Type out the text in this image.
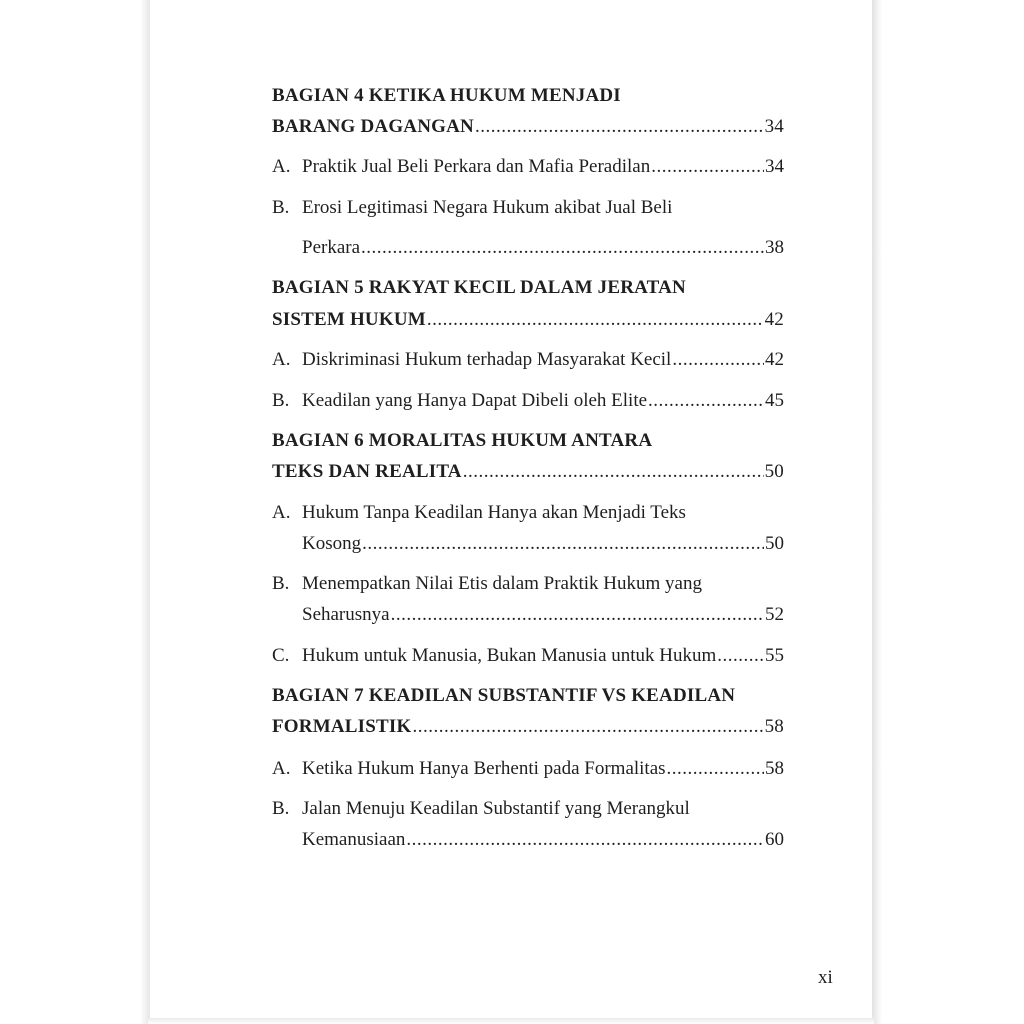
BAGIAN 4 KETIKA HUKUM MENJADI
BARANG DAGANGAN .....	34
A. Praktik Jual Beli Perkara dan Mafia Peradilan .....	34
B. Erosi Legitimasi Negara Hukum akibat Jual Beli
Perkara .....	38
BAGIAN 5 RAKYAT KECIL DALAM JERATAN
SISTEM HUKUM .....	42
A. Diskriminasi Hukum terhadap Masyarakat Kecil .....	42
B. Keadilan yang Hanya Dapat Dibeli oleh Elite .....	45
BAGIAN 6 MORALITAS HUKUM ANTARA
TEKS DAN REALITA .....	50
A. Hukum Tanpa Keadilan Hanya akan Menjadi Teks
Kosong .....	50
B. Menempatkan Nilai Etis dalam Praktik Hukum yang
Seharusnya .....	52
C. Hukum untuk Manusia, Bukan Manusia untuk Hukum .....	55
BAGIAN 7 KEADILAN SUBSTANTIF VS KEADILAN
FORMALISTIK .....	58
A. Ketika Hukum Hanya Berhenti pada Formalitas .....	58
B. Jalan Menuju Keadilan Substantif yang Merangkul
Kemanusiaan .....	60
xi
